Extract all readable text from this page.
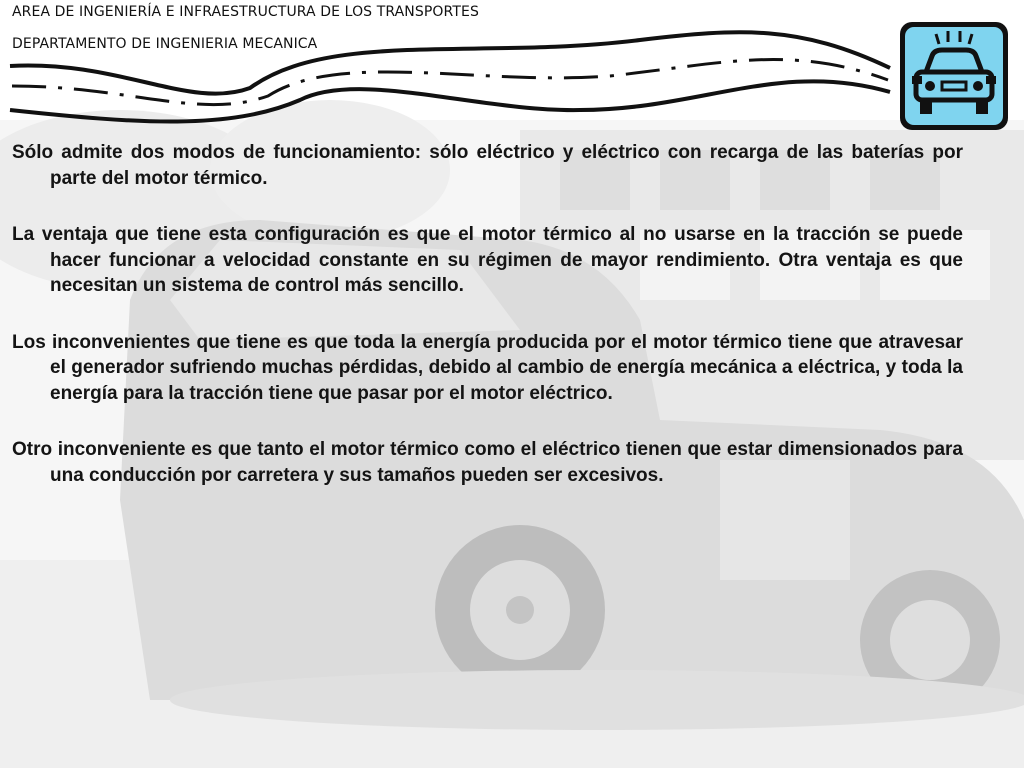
AREA DE INGENIERÍA E INFRAESTRUCTURA DE LOS TRANSPORTES
DEPARTAMENTO DE INGENIERIA MECANICA

Sólo admite dos modos de funcionamiento: sólo eléctrico y eléctrico con recarga de las baterías por parte del motor térmico.

La ventaja que tiene esta configuración es que el motor térmico al no usarse en la tracción se puede hacer funcionar a velocidad constante en su régimen de mayor rendimiento. Otra ventaja es que necesitan un sistema de control más sencillo.

Los inconvenientes que tiene es que toda la energía producida por el motor térmico tiene que atravesar el generador sufriendo muchas pérdidas, debido al cambio de energía mecánica a eléctrica, y toda la energía para la tracción tiene que pasar por el motor eléctrico.

Otro inconveniente es que tanto el motor térmico como el eléctrico tienen que estar dimensionados para una conducción por carretera y sus tamaños pueden ser excesivos.
